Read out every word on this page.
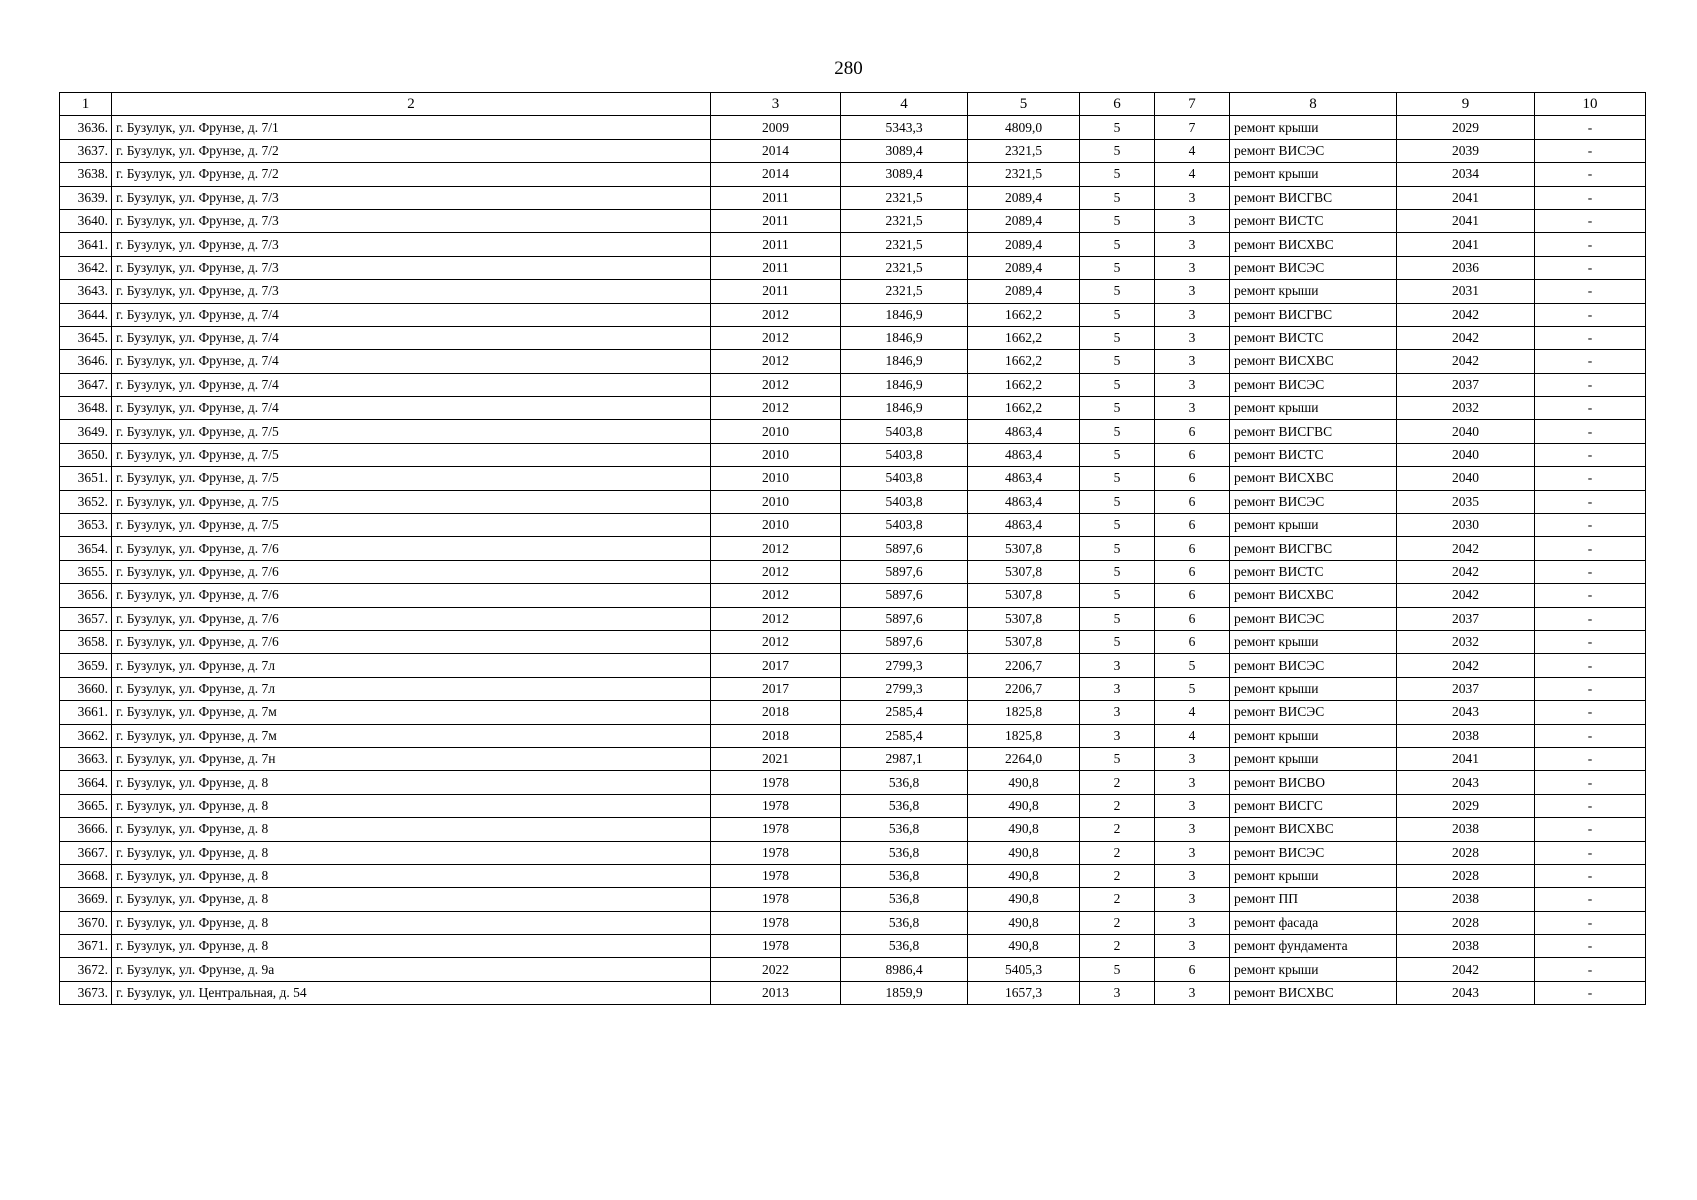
280
1	2	3	4	5	6	7	8	9	10
3636.	г. Бузулук, ул. Фрунзе, д. 7/1	2009	5343,3	4809,0	5	7	ремонт крыши	2029	-
3637.	г. Бузулук, ул. Фрунзе, д. 7/2	2014	3089,4	2321,5	5	4	ремонт ВИСЭС	2039	-
3638.	г. Бузулук, ул. Фрунзе, д. 7/2	2014	3089,4	2321,5	5	4	ремонт крыши	2034	-
3639.	г. Бузулук, ул. Фрунзе, д. 7/3	2011	2321,5	2089,4	5	3	ремонт ВИСГВС	2041	-
3640.	г. Бузулук, ул. Фрунзе, д. 7/3	2011	2321,5	2089,4	5	3	ремонт ВИСТС	2041	-
3641.	г. Бузулук, ул. Фрунзе, д. 7/3	2011	2321,5	2089,4	5	3	ремонт ВИСХВС	2041	-
3642.	г. Бузулук, ул. Фрунзе, д. 7/3	2011	2321,5	2089,4	5	3	ремонт ВИСЭС	2036	-
3643.	г. Бузулук, ул. Фрунзе, д. 7/3	2011	2321,5	2089,4	5	3	ремонт крыши	2031	-
3644.	г. Бузулук, ул. Фрунзе, д. 7/4	2012	1846,9	1662,2	5	3	ремонт ВИСГВС	2042	-
3645.	г. Бузулук, ул. Фрунзе, д. 7/4	2012	1846,9	1662,2	5	3	ремонт ВИСТС	2042	-
3646.	г. Бузулук, ул. Фрунзе, д. 7/4	2012	1846,9	1662,2	5	3	ремонт ВИСХВС	2042	-
3647.	г. Бузулук, ул. Фрунзе, д. 7/4	2012	1846,9	1662,2	5	3	ремонт ВИСЭС	2037	-
3648.	г. Бузулук, ул. Фрунзе, д. 7/4	2012	1846,9	1662,2	5	3	ремонт крыши	2032	-
3649.	г. Бузулук, ул. Фрунзе, д. 7/5	2010	5403,8	4863,4	5	6	ремонт ВИСГВС	2040	-
3650.	г. Бузулук, ул. Фрунзе, д. 7/5	2010	5403,8	4863,4	5	6	ремонт ВИСТС	2040	-
3651.	г. Бузулук, ул. Фрунзе, д. 7/5	2010	5403,8	4863,4	5	6	ремонт ВИСХВС	2040	-
3652.	г. Бузулук, ул. Фрунзе, д. 7/5	2010	5403,8	4863,4	5	6	ремонт ВИСЭС	2035	-
3653.	г. Бузулук, ул. Фрунзе, д. 7/5	2010	5403,8	4863,4	5	6	ремонт крыши	2030	-
3654.	г. Бузулук, ул. Фрунзе, д. 7/6	2012	5897,6	5307,8	5	6	ремонт ВИСГВС	2042	-
3655.	г. Бузулук, ул. Фрунзе, д. 7/6	2012	5897,6	5307,8	5	6	ремонт ВИСТС	2042	-
3656.	г. Бузулук, ул. Фрунзе, д. 7/6	2012	5897,6	5307,8	5	6	ремонт ВИСХВС	2042	-
3657.	г. Бузулук, ул. Фрунзе, д. 7/6	2012	5897,6	5307,8	5	6	ремонт ВИСЭС	2037	-
3658.	г. Бузулук, ул. Фрунзе, д. 7/6	2012	5897,6	5307,8	5	6	ремонт крыши	2032	-
3659.	г. Бузулук, ул. Фрунзе, д. 7л	2017	2799,3	2206,7	3	5	ремонт ВИСЭС	2042	-
3660.	г. Бузулук, ул. Фрунзе, д. 7л	2017	2799,3	2206,7	3	5	ремонт крыши	2037	-
3661.	г. Бузулук, ул. Фрунзе, д. 7м	2018	2585,4	1825,8	3	4	ремонт ВИСЭС	2043	-
3662.	г. Бузулук, ул. Фрунзе, д. 7м	2018	2585,4	1825,8	3	4	ремонт крыши	2038	-
3663.	г. Бузулук, ул. Фрунзе, д. 7н	2021	2987,1	2264,0	5	3	ремонт крыши	2041	-
3664.	г. Бузулук, ул. Фрунзе, д. 8	1978	536,8	490,8	2	3	ремонт ВИСВО	2043	-
3665.	г. Бузулук, ул. Фрунзе, д. 8	1978	536,8	490,8	2	3	ремонт ВИСГС	2029	-
3666.	г. Бузулук, ул. Фрунзе, д. 8	1978	536,8	490,8	2	3	ремонт ВИСХВС	2038	-
3667.	г. Бузулук, ул. Фрунзе, д. 8	1978	536,8	490,8	2	3	ремонт ВИСЭС	2028	-
3668.	г. Бузулук, ул. Фрунзе, д. 8	1978	536,8	490,8	2	3	ремонт крыши	2028	-
3669.	г. Бузулук, ул. Фрунзе, д. 8	1978	536,8	490,8	2	3	ремонт ПП	2038	-
3670.	г. Бузулук, ул. Фрунзе, д. 8	1978	536,8	490,8	2	3	ремонт фасада	2028	-
3671.	г. Бузулук, ул. Фрунзе, д. 8	1978	536,8	490,8	2	3	ремонт фундамента	2038	-
3672.	г. Бузулук, ул. Фрунзе, д. 9а	2022	8986,4	5405,3	5	6	ремонт крыши	2042	-
3673.	г. Бузулук, ул. Центральная, д. 54	2013	1859,9	1657,3	3	3	ремонт ВИСХВС	2043	-
